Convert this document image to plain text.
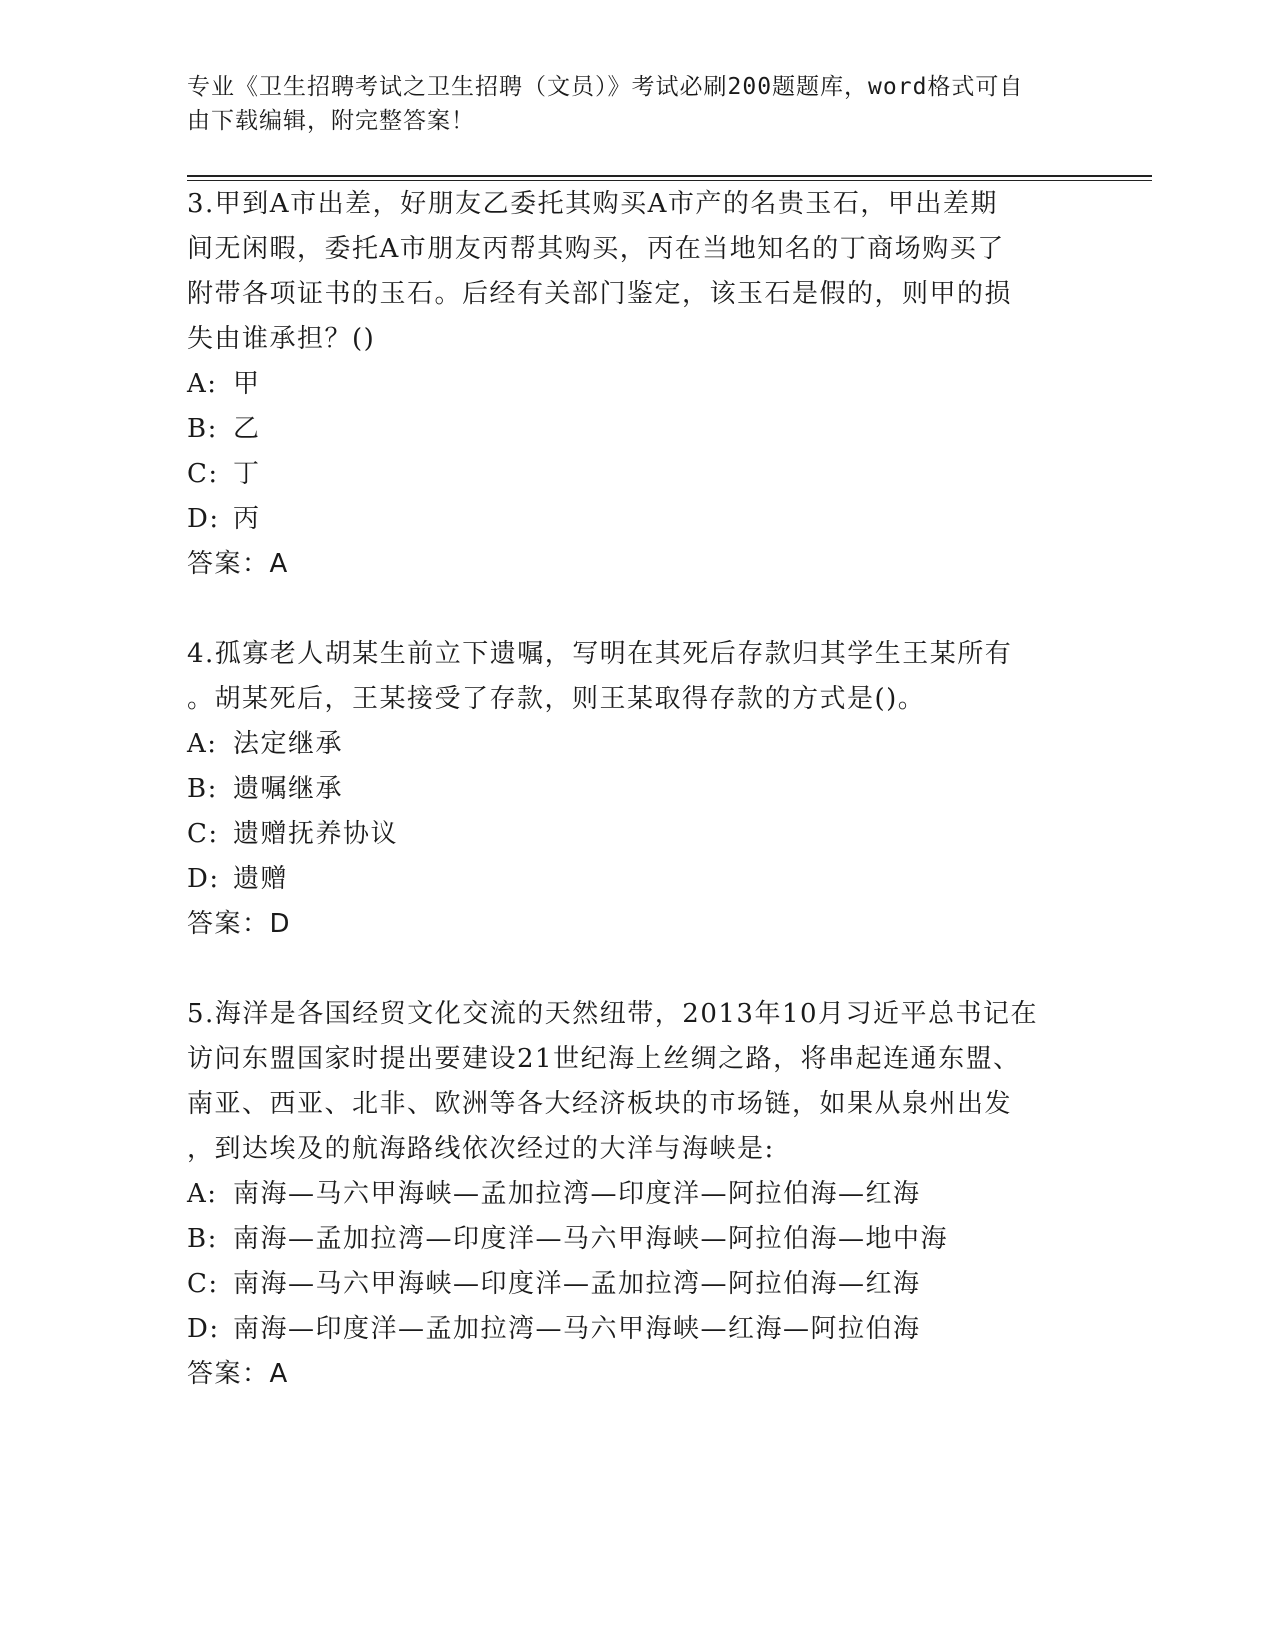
专业《卫生招聘考试之卫生招聘（文员）》考试必刷200题题库，word格式可自
由下载编辑，附完整答案！

3.甲到A市出差，好朋友乙委托其购买A市产的名贵玉石，甲出差期

间无闲暇，委托A市朋友丙帮其购买，丙在当地知名的丁商场购买了

附带各项证书的玉石。后经有关部门鉴定，该玉石是假的，则甲的损

失由谁承担？()

A: 甲

B: 乙

C: 丁

D: 丙

答案：A

4.孤寡老人胡某生前立下遗嘱，写明在其死后存款归其学生王某所有

。胡某死后，王某接受了存款，则王某取得存款的方式是()。

A: 法定继承

B: 遗嘱继承

C: 遗赠抚养协议

D: 遗赠

答案：D

5.海洋是各国经贸文化交流的天然纽带，2013年10月习近平总书记在

访问东盟国家时提出要建设21世纪海上丝绸之路，将串起连通东盟、

南亚、西亚、北非、欧洲等各大经济板块的市场链，如果从泉州出发

，到达埃及的航海路线依次经过的大洋与海峡是:

A: 南海—马六甲海峡—孟加拉湾—印度洋—阿拉伯海—红海

B: 南海—孟加拉湾—印度洋—马六甲海峡—阿拉伯海—地中海

C: 南海—马六甲海峡—印度洋—孟加拉湾—阿拉伯海—红海

D: 南海—印度洋—孟加拉湾—马六甲海峡—红海—阿拉伯海

答案：A
